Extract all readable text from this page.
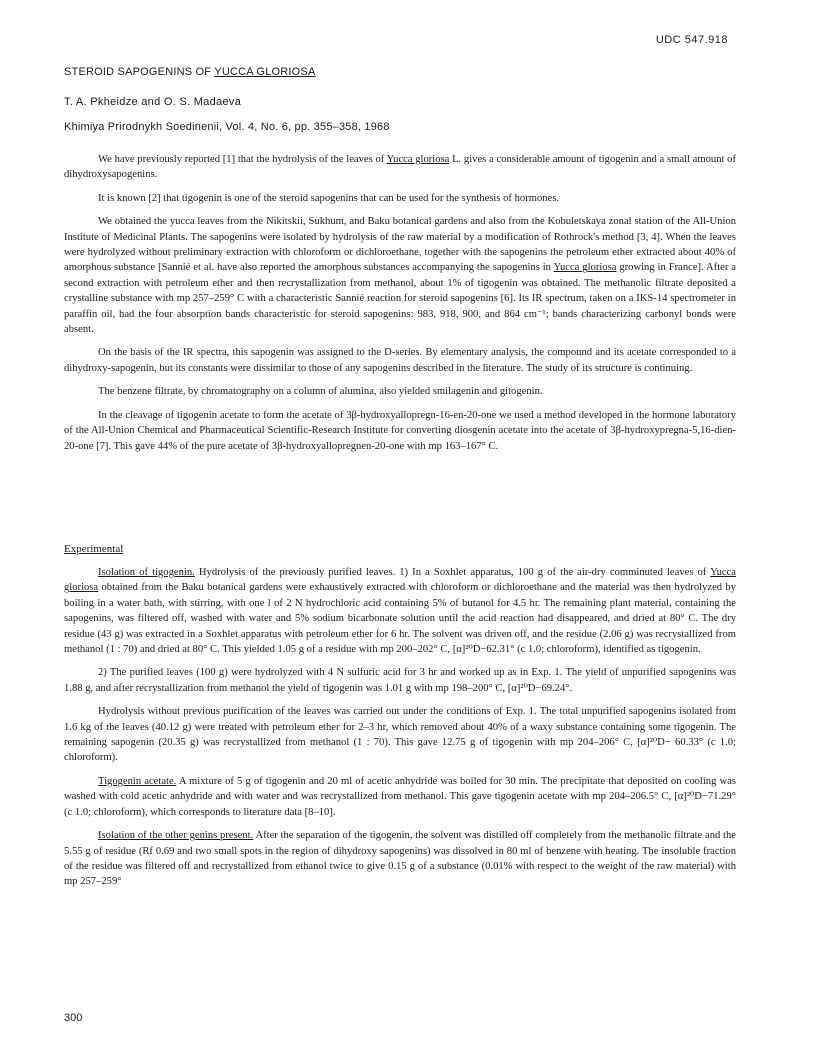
UDC 547.918
STEROID SAPOGENINS OF YUCCA GLORIOSA
T. A. Pkheidze and O. S. Madaeva
Khimiya Prirodnykh Soedinenii, Vol. 4, No. 6, pp. 355–358, 1968

We have previously reported [1] that the hydrolysis of the leaves of Yucca gloriosa L. gives a considerable amount of tigogenin and a small amount of dihydroxysapogenins.

It is known [2] that tigogenin is one of the steroid sapogenins that can be used for the synthesis of hormones.

We obtained the yucca leaves from the Nikitskii, Sukhum, and Baku botanical gardens and also from the Kobuletskaya zonal station of the All-Union Institute of Medicinal Plants. The sapogenins were isolated by hydrolysis of the raw material by a modification of Rothrock's method [3, 4]. When the leaves were hydrolyzed without preliminary extraction with chloroform or dichloroethane, together with the sapogenins the petroleum ether extracted about 40% of amorphous substance [Sannié et al. have also reported the amorphous substances accompanying the sapogenins in Yucca gloriosa growing in France]. After a second extraction with petroleum ether and then recrystallization from methanol, about 1% of tigogenin was obtained. The methanolic filtrate deposited a crystalline substance with mp 257–259° C with a characteristic Sannié reaction for steroid sapogenins [6]. Its IR spectrum, taken on a IKS-14 spectrometer in paraffin oil, had the four absorption bands characteristic for steroid sapogenins: 983, 918, 900, and 864 cm⁻¹; bands characterizing carbonyl bonds were absent.

On the basis of the IR spectra, this sapogenin was assigned to the D-series. By elementary analysis, the compound and its acetate corresponded to a dihydroxy-sapogenin, but its constants were dissimilar to those of any sapogenins described in the literature. The study of its structure is continuing.

The benzene filtrate, by chromatography on a column of alumina, also yielded smilagenin and gitogenin.

In the cleavage of tigogenin acetate to form the acetate of 3β-hydroxyallopregn-16-en-20-one we used a method developed in the hormone laboratory of the All-Union Chemical and Pharmaceutical Scientific-Research Institute for converting diosgenin acetate into the acetate of 3β-hydroxypregna-5,16-dien-20-one [7]. This gave 44% of the pure acetate of 3β-hydroxyallopregnen-20-one with mp 163–167° C.

Experimental

Isolation of tigogenin. Hydrolysis of the previously purified leaves. 1) In a Soxhlet apparatus, 100 g of the air-dry comminuted leaves of Yucca gloriosa obtained from the Baku botanical gardens were exhaustively extracted with chloroform or dichloroethane and the material was then hydrolyzed by boiling in a water bath, with stirring, with one l of 2 N hydrochloric acid containing 5% of butanol for 4.5 hr. The remaining plant material, containing the sapogenins, was filtered off, washed with water and 5% sodium bicarbonate solution until the acid reaction had disappeared, and dried at 80° C. The dry residue (43 g) was extracted in a Soxhlet apparatus with petroleum ether for 6 hr. The solvent was driven off, and the residue (2.06 g) was recrystallized from methanol (1 : 70) and dried at 80° C. This yielded 1.05 g of a residue with mp 200–202° C, [α]²⁰D−62.31° (c 1.0; chloroform), identified as tigogenin.

2) The purified leaves (100 g) were hydrolyzed with 4 N sulfuric acid for 3 hr and worked up as in Exp. 1. The yield of unpurified sapogenins was 1.88 g, and after recrystallization from methanol the yield of tigogenin was 1.01 g with mp 198–200° C, [α]²⁰D−69.24°.

Hydrolysis without previous purification of the leaves was carried out under the conditions of Exp. 1. The total unpurified sapogenins isolated from 1.6 kg of the leaves (40.12 g) were treated with petroleum ether for 2–3 hr, which removed about 40% of a waxy substance containing some tigogenin. The remaining sapogenin (20.35 g) was recrystallized from methanol (1 : 70). This gave 12.75 g of tigogenin with mp 204–206° C, [α]²⁰D− 60.33° (c 1.0; chloroform).

Tigogenin acetate. A mixture of 5 g of tigogenin and 20 ml of acetic anhydride was boiled for 30 min. The precipitate that deposited on cooling was washed with cold acetic anhydride and with water and was recrystallized from methanol. This gave tigogenin acetate with mp 204–206.5° C, [α]²⁰D−71.29° (c 1.0; chloroform), which corresponds to literature data [8–10].

Isolation of the other genins present. After the separation of the tigogenin, the solvent was distilled off completely from the methanolic filtrate and the 5.55 g of residue (Rf 0.69 and two small spots in the region of dihydroxy sapogenins) was dissolved in 80 ml of benzene with heating. The insoluble fraction of the residue was filtered off and recrystallized from ethanol twice to give 0.15 g of a substance (0.01% with respect to the weight of the raw material) with mp 257–259°

300
